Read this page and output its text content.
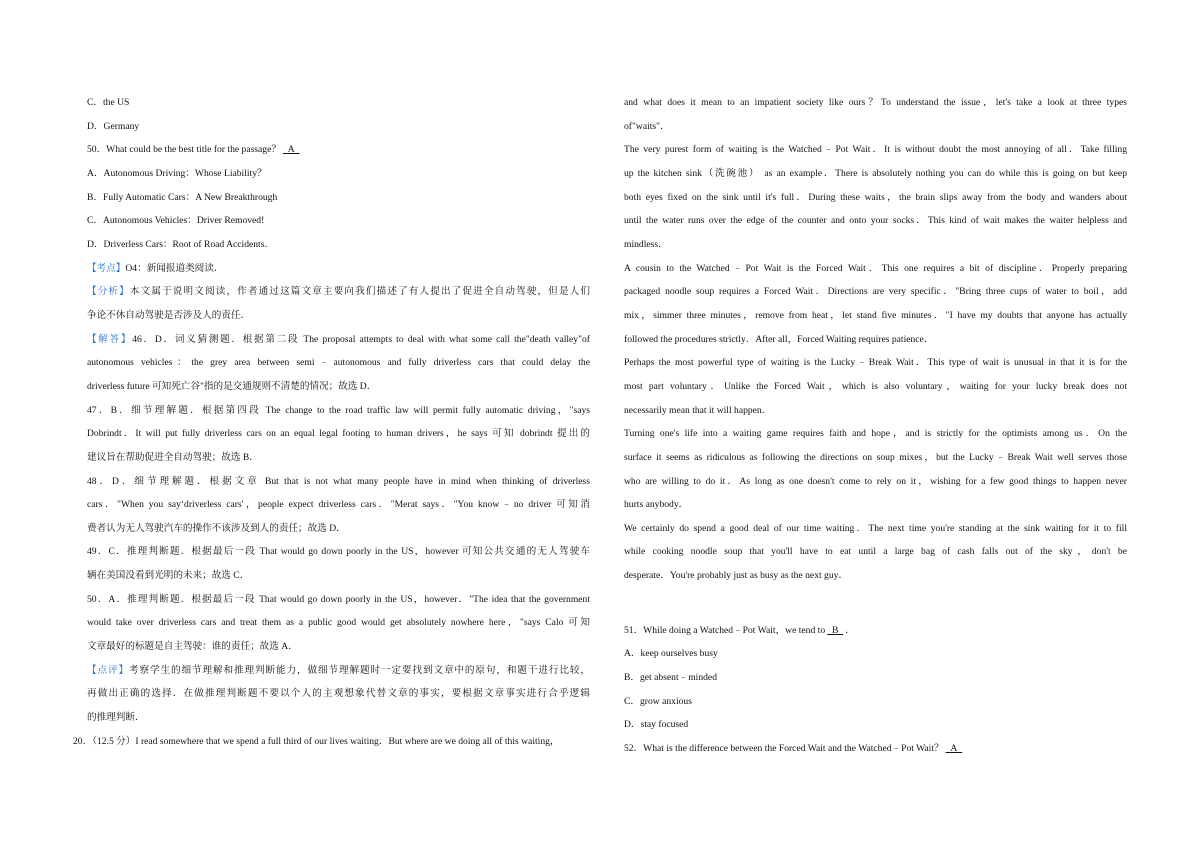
C．the US
D．Germany
50．What could be the best title for the passage？ A
A．Autonomous Driving：Whose Liability？
B．Fully Automatic Cars：A New Breakthrough
C．Autonomous Vehicles：Driver Removed!
D．Driverless Cars：Root of Road Accidents．
【考点】O4：新闻报道类阅读．
【分析】本文属于说明文阅读，作者通过这篇文章主要向我们描述了有人提出了促进全自动驾驶，但是人们
争论不休自动驾驶是否涉及人的责任．
【解答】46．D．词义猜测题．根据第二段 The proposal attempts to deal with what some call the"death valley"of
autonomous vehicles：the grey area between semi﹣autonomous and fully driverless cars that could delay the
driverless future 可知死亡谷"指的是交通规则不清楚的情况；故选 D．
47．B．细节理解题．根据第四段 The change to the road traffic law will permit fully automatic driving，"says
Dobrindt．It will put fully driverless cars on an equal legal footing to human drivers，he says 可知 dobrindt 提出的
建议旨在帮助促进全自动驾驶；故选 B．
48．D．细节理解题．根据文章 But that is not what many people have in mind when thinking of driverless
cars．"When you say‘driverless cars'，people expect driverless cars．"Merat says．"You know﹣no driver 可知消
费者认为无人驾驶汽车的操作不该涉及到人的责任；故选 D．
49．C．推理判断题．根据最后一段 That would go down poorly in the US，however 可知公共交通的无人驾驶车
辆在美国没看到光明的未来；故选 C．
50．A．推理判断题．根据最后一段 That would go down poorly in the US，however．"The idea that the government
would take over driverless cars and treat them as a public good would get absolutely nowhere here，"says Calo 可知
文章最好的标题是自主驾驶：谁的责任；故选 A．
【点评】考察学生的细节理解和推理判断能力，做细节理解题时一定要找到文章中的原句，和题干进行比较，
再做出正确的选择．在做推理判断题不要以个人的主观想象代替文章的事实，要根据文章事实进行合乎逻辑
的推理判断．
20．（12.5 分）I read somewhere that we spend a full third of our lives waiting．But where are we doing all of this waiting，
and what does it mean to an impatient society like ours？To understand the issue，let's take a look at three types
of"waits"．
The very purest form of waiting is the Watched﹣Pot Wait．It is without doubt the most annoying of all．Take filling
up the kitchen sink（洗碗池） as an example．There is absolutely nothing you can do while this is going on but keep
both eyes fixed on the sink until it's full．During these waits，the brain slips away from the body and wanders about
until the water runs over the edge of the counter and onto your socks．This kind of wait makes the waiter helpless and
mindless．
A cousin to the Watched﹣Pot Wait is the Forced Wait．This one requires a bit of discipline．Properly preparing
packaged noodle soup requires a Forced Wait．Directions are very specific．"Bring three cups of water to boil，add
mix，simmer three minutes，remove from heat，let stand five minutes．"I have my doubts that anyone has actually
followed the procedures strictly．After all，Forced Waiting requires patience．
Perhaps the most powerful type of waiting is the Lucky﹣Break Wait．This type of wait is unusual in that it is for the
most part voluntary．Unlike the Forced Wait，which is also voluntary，waiting for your lucky break does not
necessarily mean that it will happen．
Turning one's life into a waiting game requires faith and hope，and is strictly for the optimists among us．On the
surface it seems as ridiculous as following the directions on soup mixes，but the Lucky﹣Break Wait well serves those
who are willing to do it．As long as one doesn't come to rely on it，wishing for a few good things to happen never
hurts anybody．
We certainly do spend a good deal of our time waiting．The next time you're standing at the sink waiting for it to fill
while cooking noodle soup that you'll have to eat until a large bag of cash falls out of the sky，don't be
desperate．You're probably just as busy as the next guy．
51．While doing a Watched﹣Pot Wait，we tend to B ．
A．keep ourselves busy
B．get absent﹣minded
C．grow anxious
D．stay focused
52．What is the difference between the Forced Wait and the Watched﹣Pot Wait？ A
